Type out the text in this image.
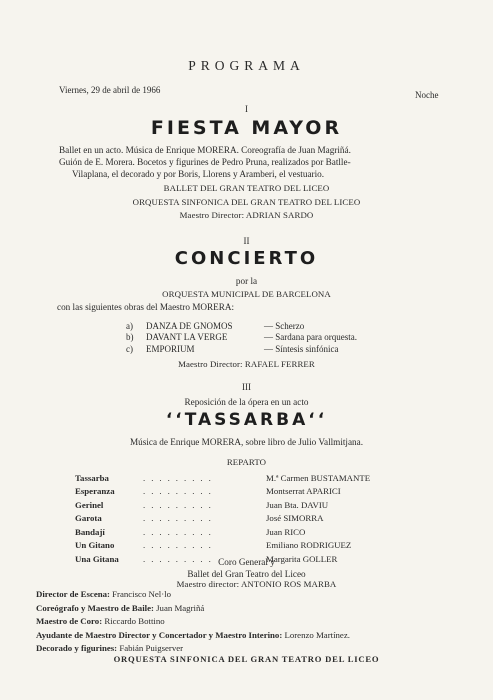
PROGRAMA
Viernes, 29 de abril de 1966	Noche
I
FIESTA MAYOR
Ballet en un acto. Música de Enrique MORERA. Coreografía de Juan Magriñá.
Guión de E. Morera. Bocetos y figurines de Pedro Pruna, realizados por Batlle-
Vilaplana, el decorado y por Boris, Llorens y Aramberi, el vestuario.
BALLET DEL GRAN TEATRO DEL LICEO
ORQUESTA SINFONICA DEL GRAN TEATRO DEL LICEO
Maestro Director: ADRIAN SARDO
II
CONCIERTO
por la
ORQUESTA MUNICIPAL DE BARCELONA
con las siguientes obras del Maestro MORERA:
a)	DANZA DE GNOMOS	— Scherzo
b)	DAVANT LA VERGE	— Sardana para orquesta.
c)	EMPORIUM	— Síntesis sinfónica
Maestro Director: RAFAEL FERRER
III
Reposición de la ópera en un acto
‘‘TASSARBA‘‘
Música de Enrique MORERA, sobre libro de Julio Vallmitjana.
REPARTO
Tassarba	.........	M.ª Carmen BUSTAMANTE
Esperanza	.........	Montserrat APARICI
Gerinel	.........	Juan Bta. DAVIU
Garota	.........	José SIMORRA
Bandají	.........	Juan RICO
Un Gitano	.........	Emiliano RODRIGUEZ
Una Gitana	.........	Margarita GOLLER
Coro General y
Ballet del Gran Teatro del Liceo
Maestro director: ANTONIO ROS MARBA
Director de Escena: Francisco Nel·lo
Coreógrafo y Maestro de Baile: Juan Magriñá
Maestro de Coro: Riccardo Bottino
Ayudante de Maestro Director y Concertador y Maestro Interino: Lorenzo Martínez.
Decorado y figurines: Fabián Puigserver
ORQUESTA SINFONICA DEL GRAN TEATRO DEL LICEO
